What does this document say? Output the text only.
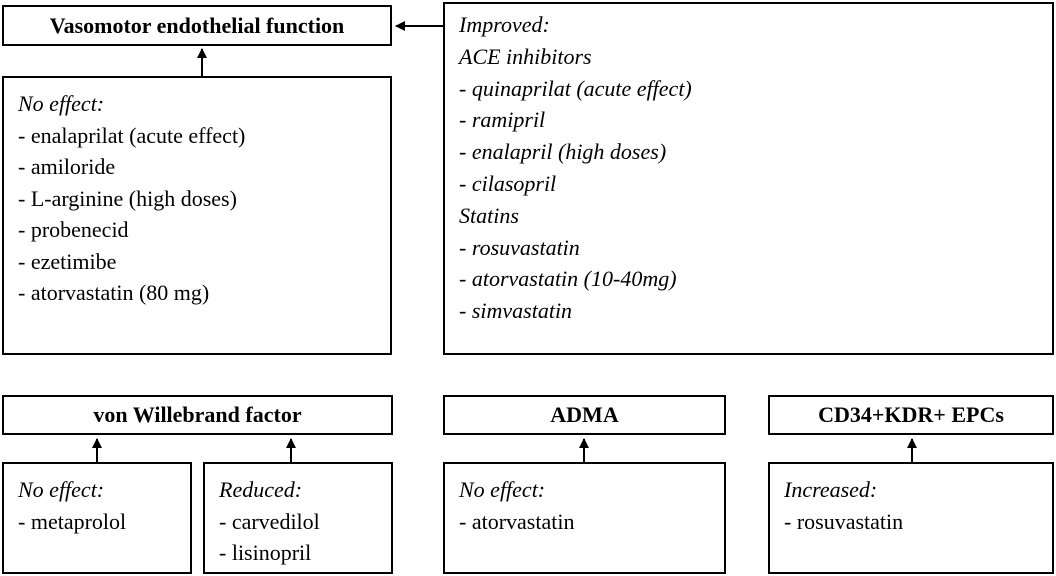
Vasomotor endothelial function
von Willebrand factor	ADMA	CD34+KDR+ EPCs
No effect:
- enalaprilat (acute effect)
- amiloride
- L-arginine (high doses)
- probenecid
- ezetimibe
- atorvastatin (80 mg)
Improved:
ACE inhibitors
- quinaprilat (acute effect)
- ramipril
- enalapril (high doses)
- cilasopril
Statins
- rosuvastatin
- atorvastatin (10-40mg)
- simvastatin
No effect:
- metaprolol
Reduced:
- carvedilol
- lisinopril
No effect:
- atorvastatin
Increased:
- rosuvastatin
